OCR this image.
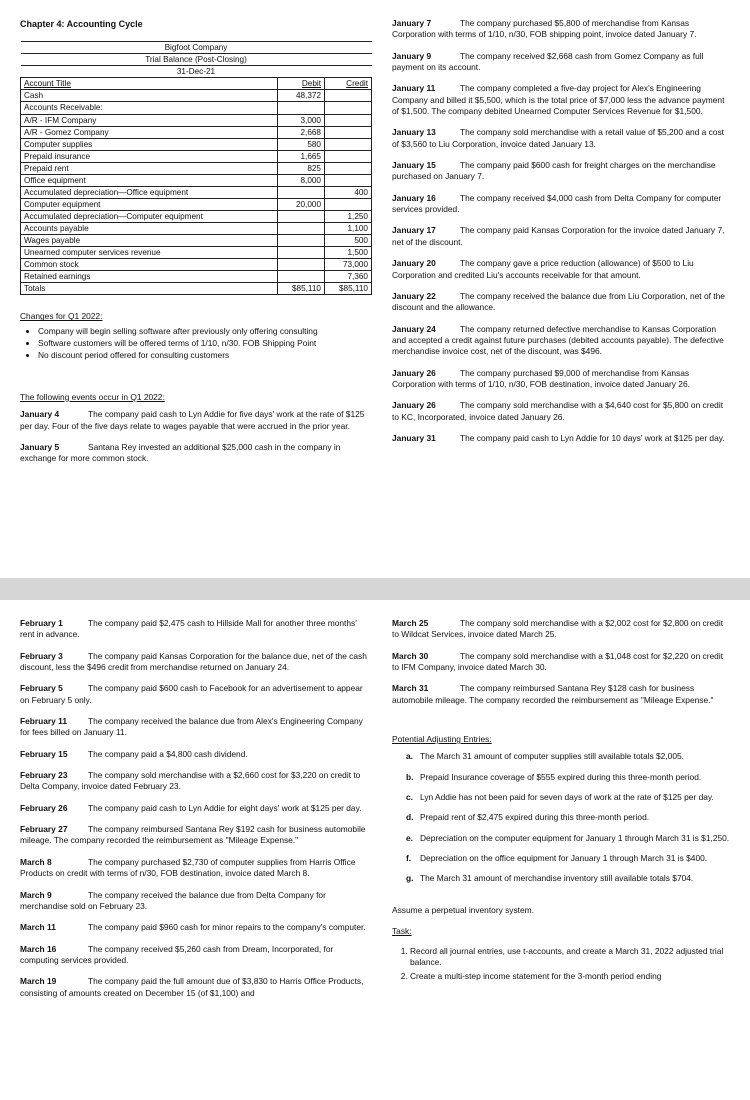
Chapter 4: Accounting Cycle
Bigfoot Company		
Trial Balance (Post-Closing)		
31-Dec-21		
Account Title	Debit	Credit
Cash	48,372	
Accounts Receivable:		
A/R - IFM Company	3,000	
A/R - Gomez Company	2,668	
Computer supplies	580	
Prepaid insurance	1,665	
Prepaid rent	825	
Office equipment	8,000	
Accumulated depreciation—Office equipment		400
Computer equipment	20,000	
Accumulated depreciation—Computer equipment		1,250
Accounts payable		1,100
Wages payable		500
Unearned computer services revenue		1,500
Common stock		73,000
Retained earnings		7,360
Totals	$85,110	$85,110
Changes for Q1 2022:
• Company will begin selling software after previously only offering consulting
• Software customers will be offered terms of 1/10, n/30. FOB Shipping Point
• No discount period offered for consulting customers
The following events occur in Q1 2022:
January 4	The company paid cash to Lyn Addie for five days' work at the rate of $125 per day. Four of the five days relate to wages payable that were accrued in the prior year.
January 5	Santana Rey invested an additional $25,000 cash in the company in exchange for more common stock.
January 7	The company purchased $5,800 of merchandise from Kansas Corporation with terms of 1/10, n/30, FOB shipping point, invoice dated January 7.
January 9	The company received $2,668 cash from Gomez Company as full payment on its account.
January 11	The company completed a five-day project for Alex's Engineering Company and billed it $5,500, which is the total price of $7,000 less the advance payment of $1,500. The company debited Unearned Computer Services Revenue for $1,500.
January 13	The company sold merchandise with a retail value of $5,200 and a cost of $3,560 to Liu Corporation, invoice dated January 13.
January 15	The company paid $600 cash for freight charges on the merchandise purchased on January 7.
January 16	The company received $4,000 cash from Delta Company for computer services provided.
January 17	The company paid Kansas Corporation for the invoice dated January 7, net of the discount.
January 20	The company gave a price reduction (allowance) of $500 to Liu Corporation and credited Liu's accounts receivable for that amount.
January 22	The company received the balance due from Liu Corporation, net of the discount and the allowance.
January 24	The company returned defective merchandise to Kansas Corporation and accepted a credit against future purchases (debited accounts payable). The defective merchandise invoice cost, net of the discount, was $496.
January 26	The company purchased $9,000 of merchandise from Kansas Corporation with terms of 1/10, n/30, FOB destination, invoice dated January 26.
January 26	The company sold merchandise with a $4,640 cost for $5,800 on credit to KC, Incorporated, invoice dated January 26.
January 31	The company paid cash to Lyn Addie for 10 days' work at $125 per day.
February 1	The company paid $2,475 cash to Hillside Mall for another three months' rent in advance.
February 3	The company paid Kansas Corporation for the balance due, net of the cash discount, less the $496 credit from merchandise returned on January 24.
February 5	The company paid $600 cash to Facebook for an advertisement to appear on February 5 only.
February 11 The company received the balance due from Alex's Engineering Company for fees billed on January 11.
February 15 The company paid a $4,800 cash dividend.
February 23 The company sold merchandise with a $2,660 cost for $3,220 on credit to Delta Company, invoice dated February 23.
February 26 The company paid cash to Lyn Addie for eight days' work at $125 per day.
February 27 The company reimbursed Santana Rey $192 cash for business automobile mileage. The company recorded the reimbursement as "Mileage Expense."
March 8	The company purchased $2,730 of computer supplies from Harris Office Products on credit with terms of n/30, FOB destination, invoice dated March 8.
March 9	The company received the balance due from Delta Company for merchandise sold on February 23.
March 11	The company paid $960 cash for minor repairs to the company's computer.
March 16	The company received $5,260 cash from Dream, Incorporated, for computing services provided.
March 19	The company paid the full amount due of $3,830 to Harris Office Products, consisting of amounts created on December 15 (of $1,100) and
March 25	The company sold merchandise with a $2,002 cost for $2,800 on credit to Wildcat Services, invoice dated March 25.
March 30	The company sold merchandise with a $1,048 cost for $2,220 on credit to IFM Company, invoice dated March 30.
March 31	The company reimbursed Santana Rey $128 cash for business automobile mileage. The company recorded the reimbursement as "Mileage Expense."
Potential Adjusting Entries:
a. The March 31 amount of computer supplies still available totals $2,005.
b. Prepaid Insurance coverage of $555 expired during this three-month period.
c. Lyn Addie has not been paid for seven days of work at the rate of $125 per day.
d. Prepaid rent of $2,475 expired during this three-month period.
e. Depreciation on the computer equipment for January 1 through March 31 is $1,250.
f.	Depreciation on the office equipment for January 1 through March 31 is $400.
g. The March 31 amount of merchandise inventory still available totals $704.
Assume a perpetual inventory system.
Task:
1. Record all journal entries, use t-accounts, and create a March 31, 2022 adjusted trial balance.
2. Create a multi-step income statement for the 3-month period ending
